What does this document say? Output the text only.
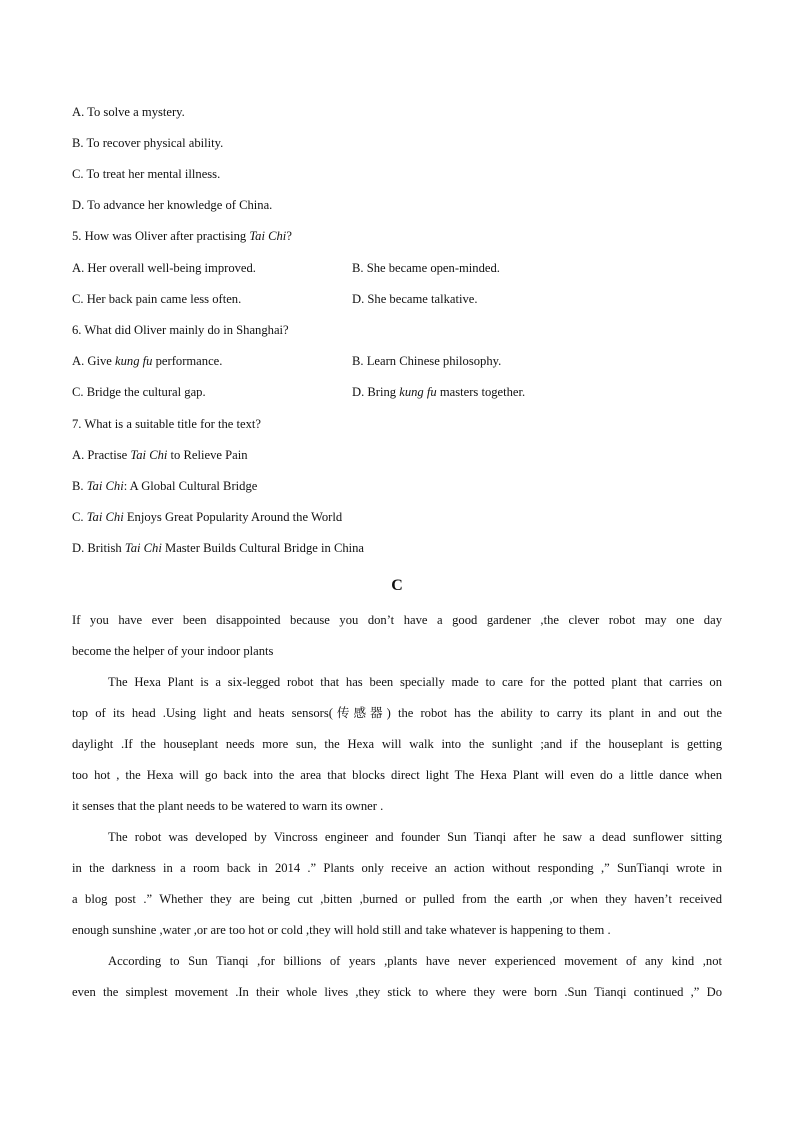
A. To solve a mystery.
B. To recover physical ability.
C. To treat her mental illness.
D. To advance her knowledge of China.
5. How was Oliver after practising Tai Chi?
A. Her overall well-being improved.	B. She became open-minded.
C. Her back pain came less often.	D. She became talkative.
6. What did Oliver mainly do in Shanghai?
A. Give kung fu performance.	B. Learn Chinese philosophy.
C. Bridge the cultural gap.	D. Bring kung fu masters together.
7. What is a suitable title for the text?
A. Practise Tai Chi to Relieve Pain
B. Tai Chi: A Global Cultural Bridge
C. Tai Chi Enjoys Great Popularity Around the World
D. British Tai Chi Master Builds Cultural Bridge in China
C

If you have ever been disappointed because you don’t have a good gardener ,the clever robot may one day

become the helper of your indoor plants

The Hexa Plant is a six-legged robot that has been specially made to care for the potted plant that carries on

top of its head .Using light and heats sensors(传感器) the robot has the ability to carry its plant in and out the

daylight .If the houseplant needs more sun, the Hexa will walk into the sunlight ;and if the houseplant is getting

too hot , the Hexa will go back into the area that blocks direct light The Hexa Plant will even do a little dance when

it senses that the plant needs to be watered to warn its owner .

The robot was developed by Vincross engineer and founder Sun Tianqi after he saw a dead sunflower sitting

in the darkness in a room back in 2014 .” Plants only receive an action without responding ,” SunTianqi wrote in

a blog post .” Whether they are being cut ,bitten ,burned or pulled from the earth ,or when they haven’t received

enough sunshine ,water ,or are too hot or cold ,they will hold still and take whatever is happening to them .

According to Sun Tianqi ,for billions of years ,plants have never experienced movement of any kind ,not

even the simplest movement .In their whole lives ,they stick to where they were born .Sun Tianqi continued ,” Do
